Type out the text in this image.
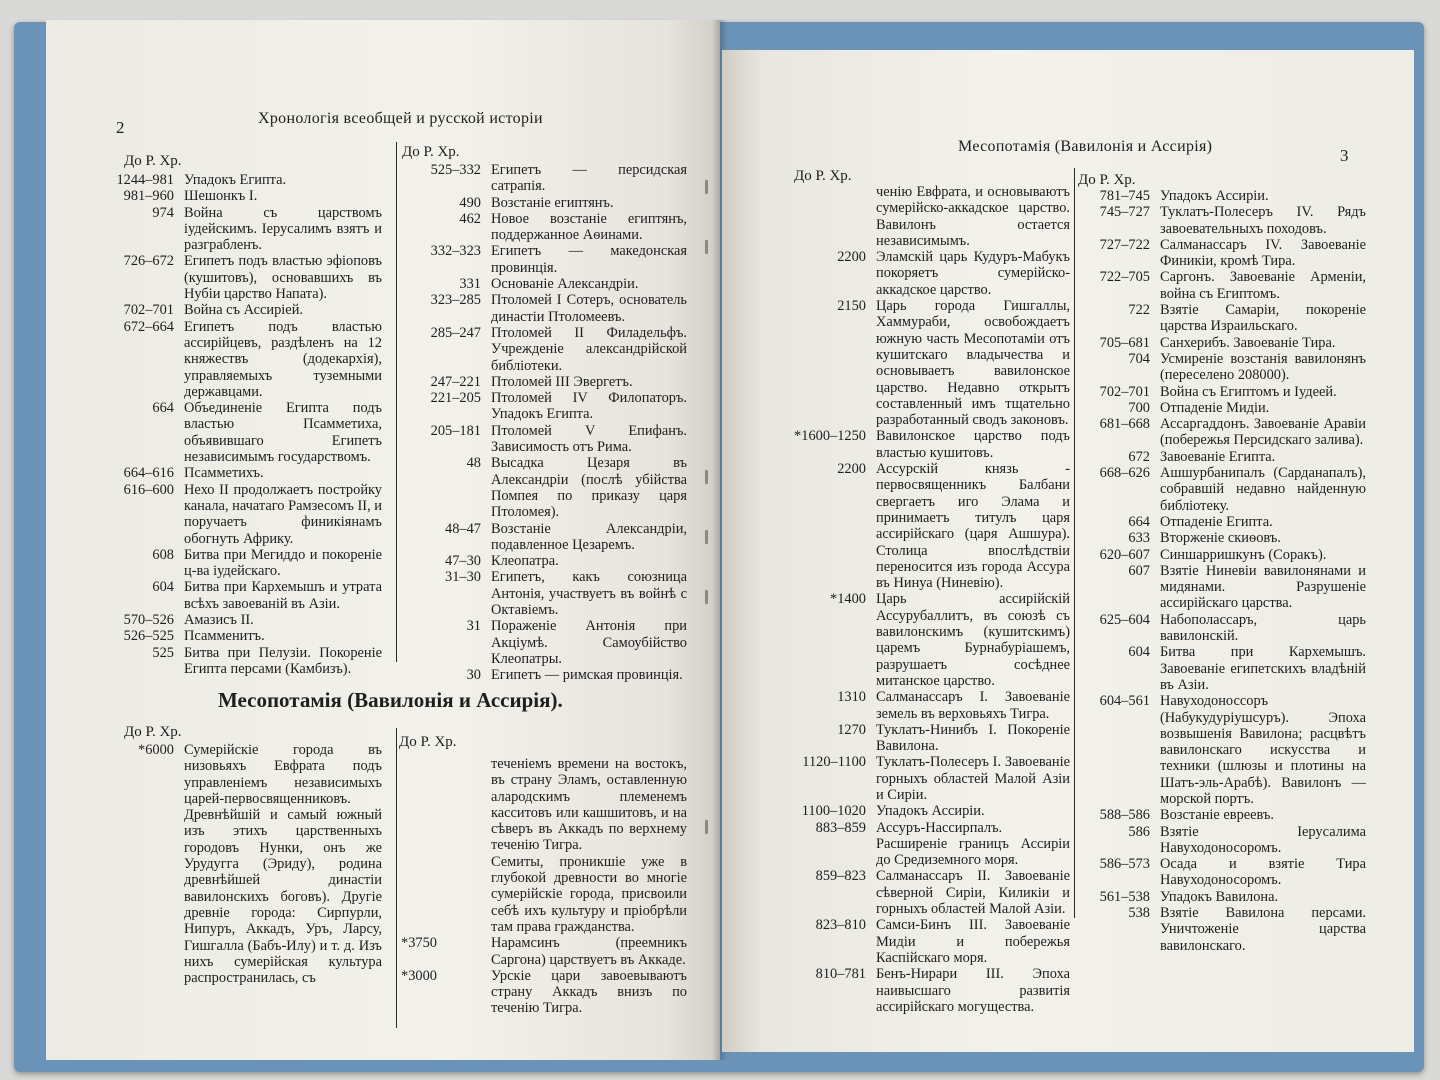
2	Хронологія всеобщей и русской исторіи
До Р. Хр.
До Р. Хр.
1244–981 Упадокъ Египта.
981–960 Шешонкъ I.
974 Война съ царствомъ іудейскимъ. Іерусалимъ взятъ и разграбленъ.
726–672 Египетъ подъ властью эфіоповъ (кушитовъ), основавшихъ въ Нубіи царство Напата).
702–701 Война съ Ассиріей.
672–664 Египетъ подъ властью ассирійцевъ, раздѣленъ на 12 княжествъ (додекархія), управляемыхъ туземными державцами.
664 Объединеніе Египта подъ властью Псамметиха, объявившаго Египетъ независимымъ государствомъ.
664–616 Псамметихъ.
616–600 Нехо II продолжаетъ постройку канала, начатаго Рамзесомъ II, и поручаетъ финикіянамъ обогнуть Африку.
608 Битва при Мегиддо и покореніе ц-ва іудейскаго.
604 Битва при Кархемышъ и утрата всѣхъ завоеваній въ Азіи.
570–526 Амазисъ II.
526–525 Псамменитъ.
525 Битва при Пелузіи. Покореніе Египта персами (Камбизъ).
525–332 Египетъ — персидская сатрапія.
490 Возстаніе египтянъ.
462 Новое возстаніе египтянъ, поддержанное Аѳинами.
332–323 Египетъ — македонская провинція.
331 Основаніе Александріи.
323–285 Птоломей I Сотеръ, основатель династіи Птоломеевъ.
285–247 Птоломей II Филадельфъ. Учрежденіе александрійской библіотеки.
247–221 Птоломей III Эвергетъ.
221–205 Птоломей IV Филопаторъ. Упадокъ Египта.
205–181 Птоломей V Епифанъ. Зависимость отъ Рима.
48 Высадка Цезаря въ Александріи (послѣ убійства Помпея по приказу царя Птоломея).
48–47 Возстаніе Александріи, подавленное Цезаремъ.
47–30 Клеопатра.
31–30 Египетъ, какъ союзница Антонія, участвуетъ въ войнѣ с Октавіемъ.
31 Пораженіе Антонія при Акціумѣ. Самоубійство Клеопатры.
30 Египетъ — римская провинція.
Месопотамія (Вавилонія и Ассирія).
До Р. Хр.
*6000 Сумерійскіе города въ низовьяхъ Евфрата подъ управленіемъ независимыхъ царей-первосвященниковъ. Древнѣйшій и самый южный изъ этихъ царственныхъ городовъ Нунки, онъ же Урудугга (Эриду), родина древнѣйшей династіи вавилонскихъ боговъ). Другіе древніе города: Сирпурли, Нипуръ, Аккадъ, Уръ, Ларсу, Гишгалла (Бабъ-Илу) и т. д. Изъ нихъ сумерійская культура распространилась, съ
До Р. Хр.
теченіемъ времени на востокъ, въ страну Эламъ, оставленную алародскимъ племенемъ касситовъ или кашшитовъ, и на сѣверъ въ Аккадъ по верхнему теченію Тигра.
Семиты, проникшіе уже в глубокой древности во многіе сумерійскіе города, присвоили себѣ ихъ культуру и пріобрѣли там права гражданства.
*3750	Нарамсинъ (преемникъ Саргона) царствуетъ въ Аккаде.
*3000	Урскіе цари завоевываютъ страну Аккадъ внизъ по теченію Тигра.
Месопотамія (Вавилонія и Ассирія)	3
До Р. Хр.
ченію Евфрата, и основываютъ сумерійско-аккадское царство. Вавилонъ остается независимымъ.
2200 Эламскій царь Кудуръ-Мабукъ покоряетъ сумерійско-аккадское царство.
2150 Царь города Гишгаллы, Хаммураби, освобождаетъ южную часть Месопотаміи отъ кушитскаго владычества и основываетъ вавилонское царство. Недавно открытъ составленный имъ тщательно разработанный сводъ законовъ.
*1600–1250 Вавилонское царство подъ властью кушитовъ.
2200 Ассурскій князь - первосвященникъ Балбани свергаетъ иго Элама и принимаетъ титулъ царя ассирійскаго (царя Ашшура). Столица впослѣдствіи переносится изъ города Ассура въ Нинуа (Ниневію).
*1400 Царь ассирійскій Ассурубаллитъ, въ союзѣ съ вавилонскимъ (кушитскимъ) царемъ Бурнабуріашемъ, разрушаетъ сосѣднее митанское царство.
1310 Салманассаръ I. Завоеваніе земель въ верховьяхъ Тигра.
1270 Туклатъ-Нинибъ I. Покореніе Вавилона.
1120–1100 Туклатъ-Полесеръ I. Завоеваніе горныхъ областей Малой Азіи и Сиріи.
1100–1020 Упадокъ Ассиріи.
883–859 Ассуръ-Нассирпалъ. Расширеніе границъ Ассиріи до Средиземного моря.
859–823 Салманассаръ II. Завоеваніе сѣверной Сиріи, Киликіи и горныхъ областей Малой Азіи.
823–810 Самси-Бинъ III. Завоеваніе Мидіи и побережья Каспійскаго моря.
810–781 Бенъ-Нирари III. Эпоха наивысшаго развитія ассирійскаго могущества.
До Р. Хр.
781–745 Упадокъ Ассиріи.
745–727 Туклатъ-Полесеръ IV. Рядъ завоевательныхъ походовъ.
727–722 Салманассаръ IV. Завоеваніе Финикіи, кромѣ Тира.
722–705 Саргонъ. Завоеваніе Арменіи, война съ Египтомъ.
722 Взятіе Самаріи, покореніе царства Израильскаго.
705–681 Санхерибъ. Завоеваніе Тира.
704 Усмиреніе возстанія вавилонянъ (переселено 208000).
702–701 Война съ Египтомъ и Іудеей.
700 Отпаденіе Мидіи.
681–668 Ассаргаддонъ. Завоеваніе Аравіи (побережья Персидскаго залива).
672 Завоеваніе Египта.
668–626 Ашшурбанипалъ (Сарданапалъ), собравшій недавно найденную библіотеку.
664 Отпаденіе Египта.
633 Вторженіе скиѳовъ.
620–607 Синшарришкунъ (Соракъ).
607 Взятіе Ниневіи вавилонянами и мидянами. Разрушеніе ассирійскаго царства.
625–604 Набополассаръ, царь вавилонскій.
604 Битва при Кархемышъ. Завоеваніе египетскихъ владѣній въ Азіи.
604–561 Навуходоноссоръ (Набукудуріушсуръ). Эпоха возвышенія Вавилона; расцвѣтъ вавилонскаго искусства и техники (шлюзы и плотины на Шатъ-эль-Арабѣ). Вавилонъ — морской портъ.
588–586 Возстаніе евреевъ.
586 Взятіе Іерусалима Навуходоносоромъ.
586–573 Осада и взятіе Тира Навуходоносоромъ.
561–538 Упадокъ Вавилона.
538 Взятіе Вавилона персами. Уничтоженіе царства вавилонскаго.
